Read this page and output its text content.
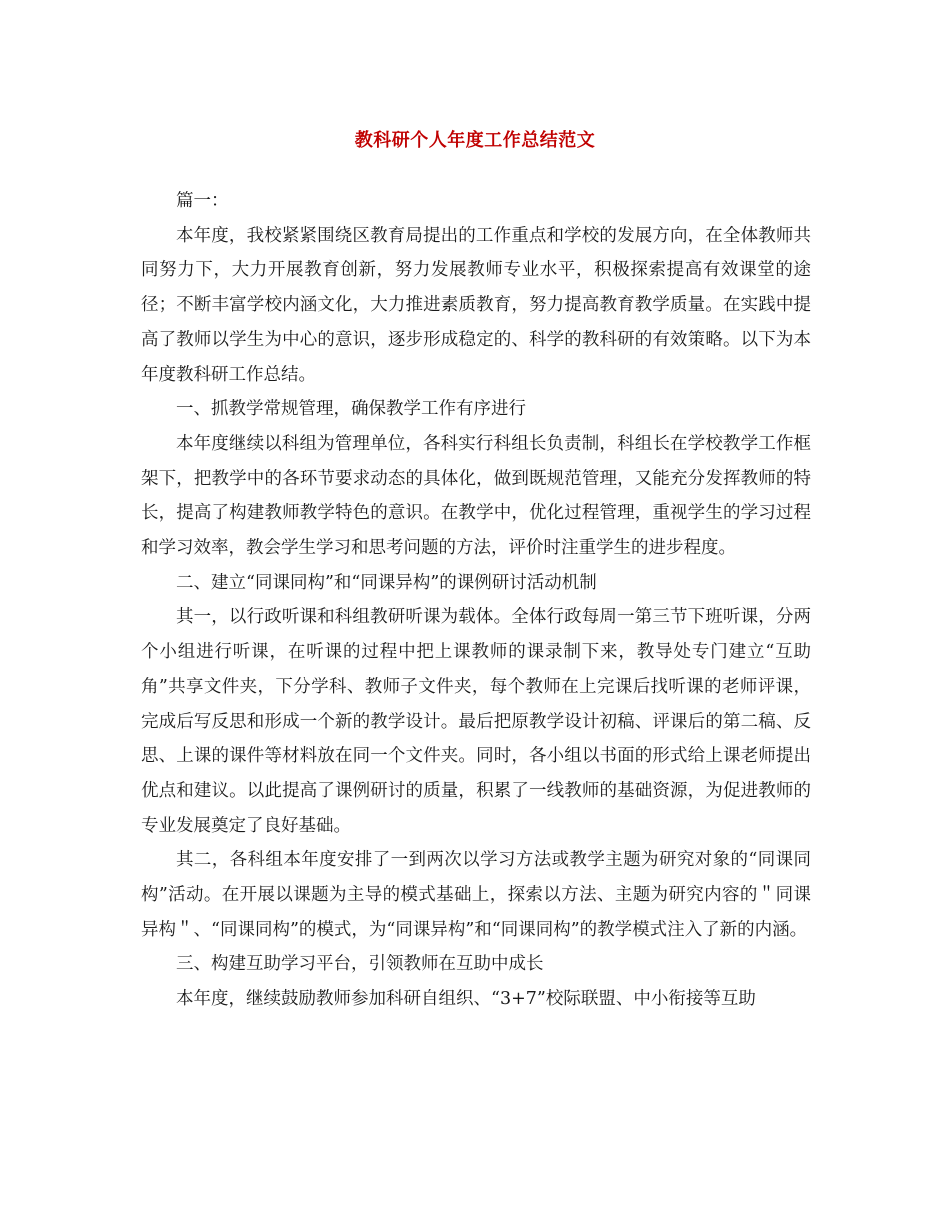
教科研个人年度工作总结范文

篇一：

本年度，我校紧紧围绕区教育局提出的工作重点和学校的发展方向，在全体教师共同努力下，大力开展教育创新，努力发展教师专业水平，积极探索提高有效课堂的途径；不断丰富学校内涵文化，大力推进素质教育，努力提高教育教学质量。在实践中提高了教师以学生为中心的意识，逐步形成稳定的、科学的教科研的有效策略。以下为本年度教科研工作总结。

一、抓教学常规管理，确保教学工作有序进行

本年度继续以科组为管理单位，各科实行科组长负责制，科组长在学校教学工作框架下，把教学中的各环节要求动态的具体化，做到既规范管理，又能充分发挥教师的特长，提高了构建教师教学特色的意识。在教学中，优化过程管理，重视学生的学习过程和学习效率，教会学生学习和思考问题的方法，评价时注重学生的进步程度。

二、建立“同课同构”和“同课异构”的课例研讨活动机制

其一，以行政听课和科组教研听课为载体。全体行政每周一第三节下班听课，分两个小组进行听课，在听课的过程中把上课教师的课录制下来，教导处专门建立“互助角”共享文件夹，下分学科、教师子文件夹，每个教师在上完课后找听课的老师评课，完成后写反思和形成一个新的教学设计。最后把原教学设计初稿、评课后的第二稿、反思、上课的课件等材料放在同一个文件夹。同时，各小组以书面的形式给上课老师提出优点和建议。以此提高了课例研讨的质量，积累了一线教师的基础资源，为促进教师的专业发展奠定了良好基础。

其二，各科组本年度安排了一到两次以学习方法或教学主题为研究对象的“同课同构”活动。在开展以课题为主导的模式基础上，探索以方法、主题为研究内容的＂同课异构＂、“同课同构”的模式，为“同课异构”和“同课同构”的教学模式注入了新的内涵。

三、构建互助学习平台，引领教师在互助中成长

本年度，继续鼓励教师参加科研自组织、“3+7”校际联盟、中小衔接等互助
